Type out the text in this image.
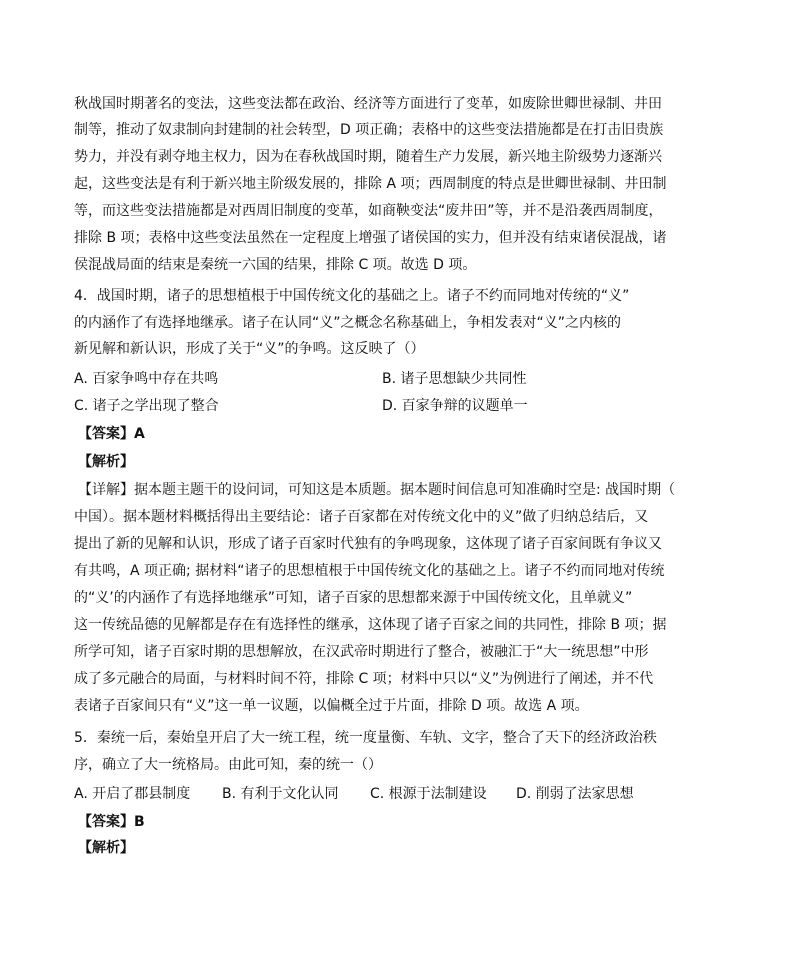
秋战国时期著名的变法，这些变法都在政治、经济等方面进行了变革，如废除世卿世禄制、井田
制等，推动了奴隶制向封建制的社会转型，D 项正确；表格中的这些变法措施都是在打击旧贵族
势力，并没有剥夺地主权力，因为在春秋战国时期，随着生产力发展，新兴地主阶级势力逐渐兴
起，这些变法是有利于新兴地主阶级发展的，排除 A 项；西周制度的特点是世卿世禄制、井田制
等，而这些变法措施都是对西周旧制度的变革，如商鞅变法“废井田”等，并不是沿袭西周制度，
排除 B 项；表格中这些变法虽然在一定程度上增强了诸侯国的实力，但并没有结束诸侯混战，诸
侯混战局面的结束是秦统一六国的结果，排除 C 项。故选 D 项。
4．战国时期，诸子的思想植根于中国传统文化的基础之上。诸子不约而同地对传统的“义”
的内涵作了有选择地继承。诸子在认同“义”之概念名称基础上，争相发表对“义”之内核的
新见解和新认识，形成了关于“义”的争鸣。这反映了（）
A. 百家争鸣中存在共鸣	B. 诸子思想缺少共同性
C. 诸子之学出现了整合	D. 百家争辩的议题单一
【答案】A
【解析】
【详解】据本题主题干的设问词，可知这是本质题。据本题时间信息可知准确时空是: 战国时期（
中国）。据本题材料概括得出主要结论：诸子百家都在对传统文化中的义”做了归纳总结后，又
提出了新的见解和认识，形成了诸子百家时代独有的争鸣现象，这体现了诸子百家间既有争议又
有共鸣，A 项正确; 据材料“诸子的思想植根于中国传统文化的基础之上。诸子不约而同地对传统
的“义’的内涵作了有选择地继承”可知，诸子百家的思想都来源于中国传统文化，且单就义”
这一传统品德的见解都是存在有选择性的继承，这体现了诸子百家之间的共同性，排除 B 项；据
所学可知，诸子百家时期的思想解放，在汉武帝时期进行了整合，被融汇于“大一统思想”中形
成了多元融合的局面，与材料时间不符，排除 C 项；材料中只以“义”为例进行了阐述，并不代
表诸子百家间只有“义”这一单一议题，以偏概全过于片面，排除 D 项。故选 A 项。
5．秦统一后，秦始皇开启了大一统工程，统一度量衡、车轨、文字，整合了天下的经济政治秩
序，确立了大一统格局。由此可知，秦的统一（）
A. 开启了郡县制度 B. 有利于文化认同 C. 根源于法制建设 D. 削弱了法家思想
【答案】B
【解析】
